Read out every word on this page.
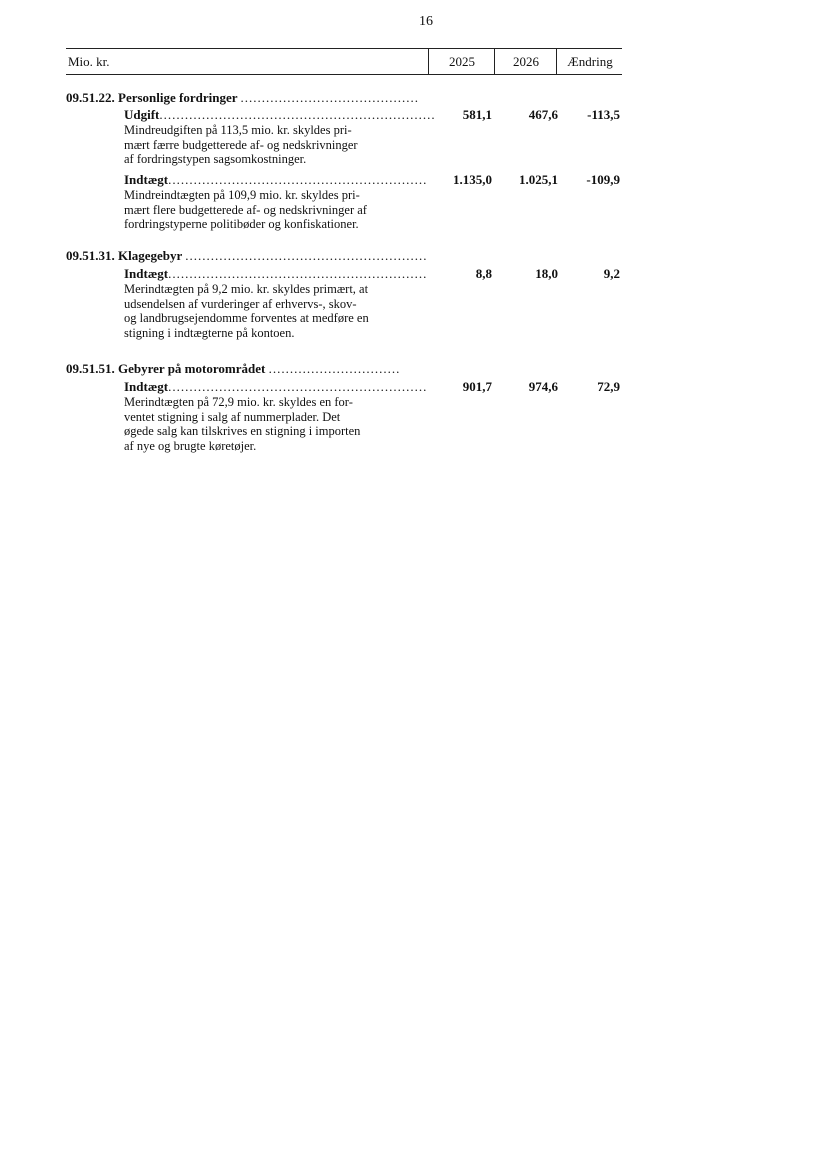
16
Mio. kr.	2025	2026	Ændring
09.51.22. Personlige fordringer ..........................................
Udgift.................................................................	581,1	467,6	-113,5
Mindreudgiften på 113,5 mio. kr. skyldes pri-
mært færre budgetterede af- og nedskrivninger
af fordringstypen sagsomkostninger.
Indtægt.............................................................	1.135,0	1.025,1	-109,9
Mindreindtægten på 109,9 mio. kr. skyldes pri-
mært flere budgetterede af- og nedskrivninger af
fordringstyperne politibøder og konfiskationer.
09.51.31. Klagegebyr .........................................................
Indtægt.............................................................	8,8	18,0	9,2
Merindtægten på 9,2 mio. kr. skyldes primært, at
udsendelsen af vurderinger af erhvervs-, skov-
og landbrugsejendomme forventes at medføre en
stigning i indtægterne på kontoen.
09.51.51. Gebyrer på motorområdet ...............................
Indtægt.............................................................	901,7	974,6	72,9
Merindtægten på 72,9 mio. kr. skyldes en for-
ventet stigning i salg af nummerplader. Det
øgede salg kan tilskrives en stigning i importen
af nye og brugte køretøjer.
